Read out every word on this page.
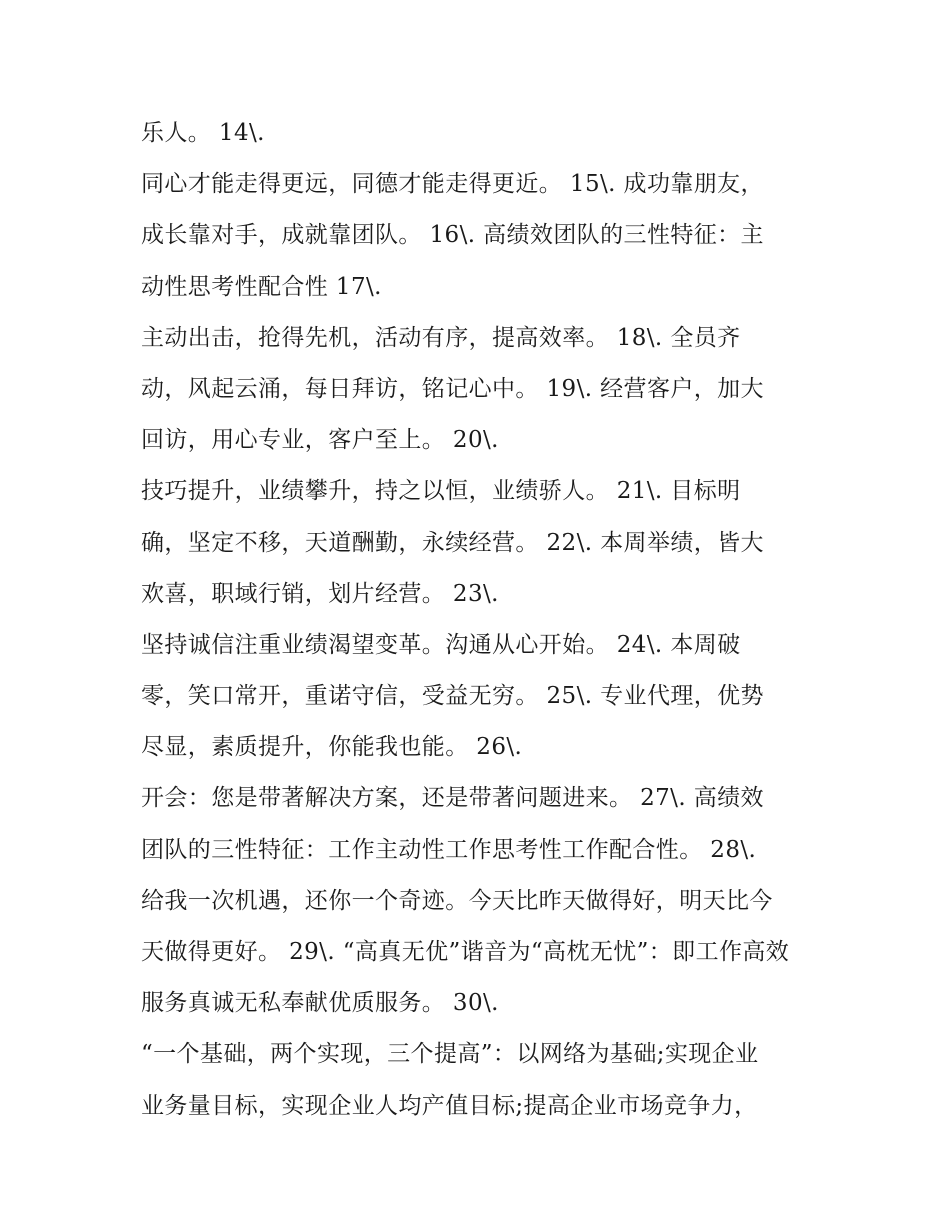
乐人。 14\.
同心才能走得更远，同德才能走得更近。 15\. 成功靠朋友，
成长靠对手，成就靠团队。 16\. 高绩效团队的三性特征：主
动性思考性配合性 17\.
主动出击，抢得先机，活动有序，提高效率。 18\. 全员齐
动，风起云涌，每日拜访，铭记心中。 19\. 经营客户，加大
回访，用心专业，客户至上。 20\.
技巧提升，业绩攀升，持之以恒，业绩骄人。 21\. 目标明
确，坚定不移，天道酬勤，永续经营。 22\. 本周举绩，皆大
欢喜，职域行销，划片经营。 23\.
坚持诚信注重业绩渴望变革。沟通从心开始。 24\. 本周破
零，笑口常开，重诺守信，受益无穷。 25\. 专业代理，优势
尽显，素质提升，你能我也能。 26\.
开会：您是带著解决方案，还是带著问题进来。 27\. 高绩效
团队的三性特征：工作主动性工作思考性工作配合性。 28\.
给我一次机遇，还你一个奇迹。今天比昨天做得好，明天比今
天做得更好。 29\. “高真无优”谐音为“高枕无忧”：即工作高效
服务真诚无私奉献优质服务。 30\.
“一个基础，两个实现，三个提高”：以网络为基础;实现企业
业务量目标，实现企业人均产值目标;提高企业市场竞争力，
